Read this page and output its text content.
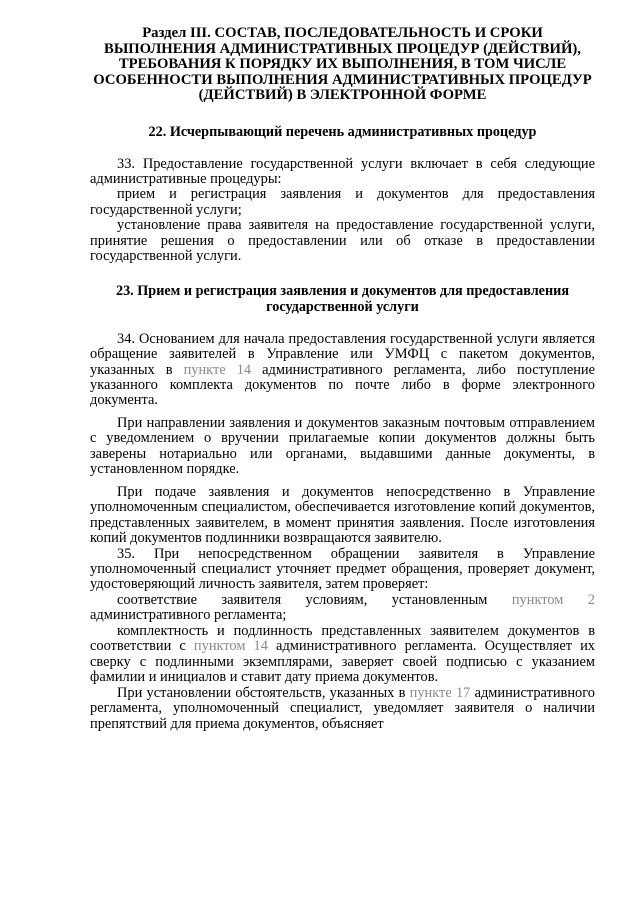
Раздел III. СОСТАВ, ПОСЛЕДОВАТЕЛЬНОСТЬ И СРОКИ ВЫПОЛНЕНИЯ АДМИНИСТРАТИВНЫХ ПРОЦЕДУР (ДЕЙСТВИЙ), ТРЕБОВАНИЯ К ПОРЯДКУ ИХ ВЫПОЛНЕНИЯ, В ТОМ ЧИСЛЕ ОСОБЕННОСТИ ВЫПОЛНЕНИЯ АДМИНИСТРАТИВНЫХ ПРОЦЕДУР (ДЕЙСТВИЙ) В ЭЛЕКТРОННОЙ ФОРМЕ
22. Исчерпывающий перечень административных процедур

33. Предоставление государственной услуги включает в себя следующие административные процедуры:

прием и регистрация заявления и документов для предоставления государственной услуги;

установление права заявителя на предоставление государственной услуги, принятие решения о предоставлении или об отказе в предоставлении государственной услуги.

23. Прием и регистрация заявления и документов для предоставления государственной услуги

34. Основанием для начала предоставления государственной услуги является обращение заявителей в Управление или УМФЦ с пакетом документов, указанных в пункте 14 административного регламента, либо поступление указанного комплекта документов по почте либо в форме электронного документа.

При направлении заявления и документов заказным почтовым отправлением с уведомлением о вручении прилагаемые копии документов должны быть заверены нотариально или органами, выдавшими данные документы, в установленном порядке.

При подаче заявления и документов непосредственно в Управление уполномоченным специалистом, обеспечивается изготовление копий документов, представленных заявителем, в момент принятия заявления. После изготовления копий документов подлинники возвращаются заявителю.

35. При непосредственном обращении заявителя в Управление уполномоченный специалист уточняет предмет обращения, проверяет документ, удостоверяющий личность заявителя, затем проверяет:

соответствие заявителя условиям, установленным пунктом 2 административного регламента;

комплектность и подлинность представленных заявителем документов в соответствии с пунктом 14 административного регламента. Осуществляет их сверку с подлинными экземплярами, заверяет своей подписью с указанием фамилии и инициалов и ставит дату приема документов.

При установлении обстоятельств, указанных в пункте 17 административного регламента, уполномоченный специалист, уведомляет заявителя о наличии препятствий для приема документов, объясняет
